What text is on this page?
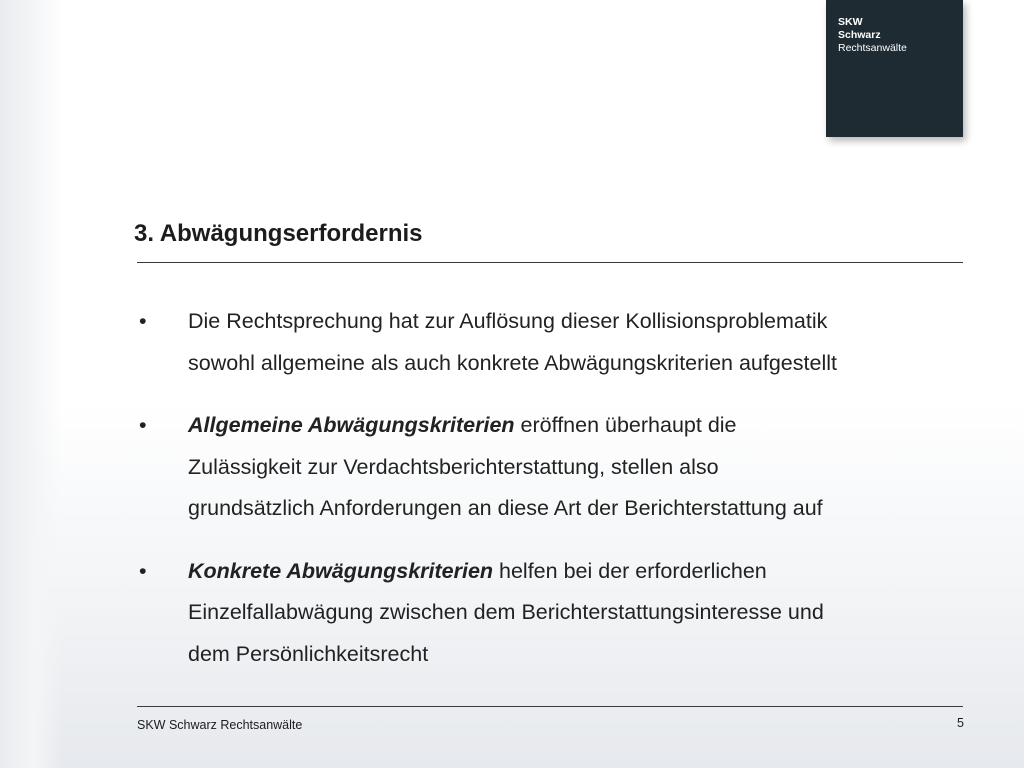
SKW
Schwarz
Rechtsanwälte
3. Abwägungserfordernis
• Die Rechtsprechung hat zur Auflösung dieser Kollisionsproblematik
sowohl allgemeine als auch konkrete Abwägungskriterien aufgestellt
• Allgemeine Abwägungskriterien eröffnen überhaupt die
Zulässigkeit zur Verdachtsberichterstattung, stellen also
grundsätzlich Anforderungen an diese Art der Berichterstattung auf
• Konkrete Abwägungskriterien helfen bei der erforderlichen
Einzelfallabwägung zwischen dem Berichterstattungsinteresse und
dem Persönlichkeitsrecht
SKW Schwarz Rechtsanwälte	5
